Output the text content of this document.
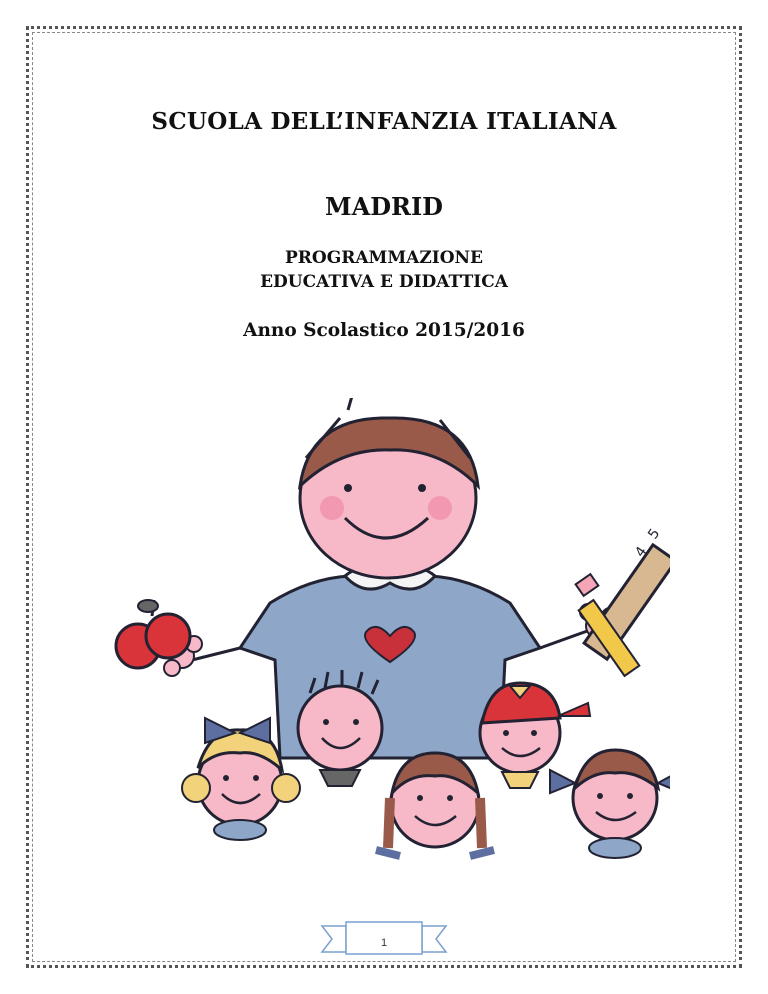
SCUOLA DELL’INFANZIA ITALIANA
MADRID
PROGRAMMAZIONE
EDUCATIVA E DIDATTICA
Anno Scolastico 2015/2016
4
5
1
